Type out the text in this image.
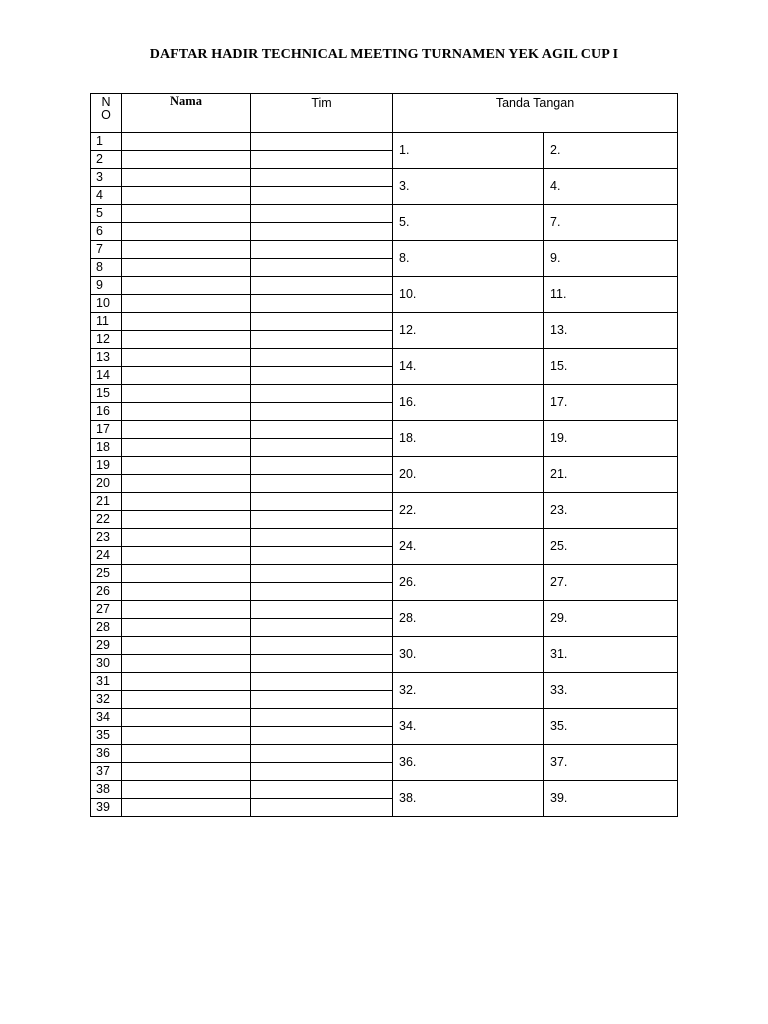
DAFTAR HADIR TECHNICAL MEETING TURNAMEN YEK AGIL CUP I
N
O	Nama	Tim	Tanda Tangan	
1			1.	2.
2				
3			3.	4.
4				
5			5.	7.
6				
7			8.	9.
8				
9			10.	11.
10				
11			12.	13.
12				
13			14.	15.
14				
15			16.	17.
16				
17			18.	19.
18				
19			20.	21.
20				
21			22.	23.
22				
23			24.	25.
24				
25			26.	27.
26				
27			28.	29.
28				
29			30.	31.
30				
31			32.	33.
32				
34			34.	35.
35				
36			36.	37.
37				
38			38.	39.
39				
